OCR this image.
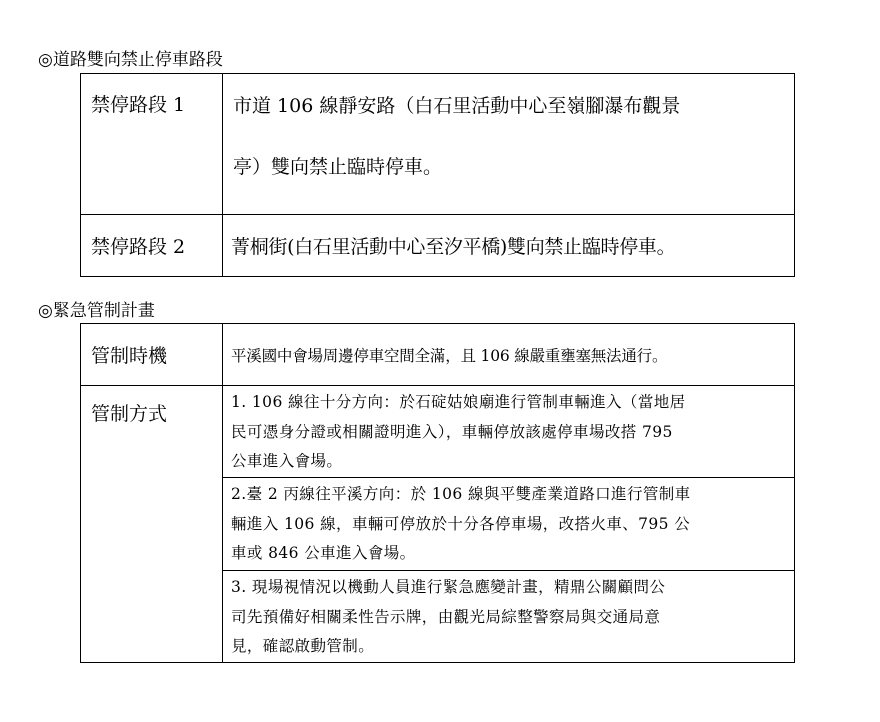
◎道路雙向禁止停車路段
禁停路段 1	市道 106 線靜安路（白石里活動中心至嶺腳瀑布觀景
亭）雙向禁止臨時停車。

禁停路段 2	菁桐街(白石里活動中心至汐平橋)雙向禁止臨時停車。
◎緊急管制計畫
管制時機	平溪國中會場周邊停車空間全滿，且 106 線嚴重壅塞無法通行。
管制方式	1. 106 線往十分方向：於石碇姑娘廟進行管制車輛進入（當地居
民可憑身分證或相關證明進入），車輛停放該處停車場改搭 795
公車進入會場。

	2.臺 2 丙線往平溪方向：於 106 線與平雙產業道路口進行管制車
輛進入 106 線，車輛可停放於十分各停車場，改搭火車、795 公
車或 846 公車進入會場。

	3. 現場視情況以機動人員進行緊急應變計畫，精鼎公關顧問公
司先預備好相關柔性告示牌，由觀光局綜整警察局與交通局意
見，確認啟動管制。
